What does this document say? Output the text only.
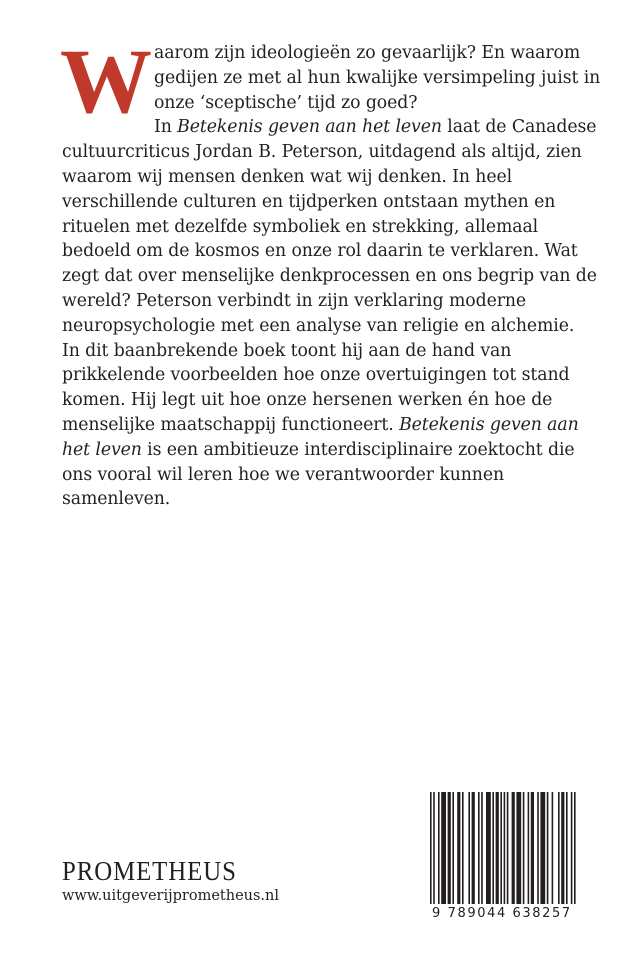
Waarom zijn ideologieën zo gevaarlijk? En waarom gedijen ze met al hun kwalijke versimpeling juist in onze ‘sceptische’ tijd zo goed?

In Betekenis geven aan het leven laat de Canadese cultuurcriticus Jordan B. Peterson, uitdagend als altijd, zien waarom wij mensen denken wat wij denken. In heel verschillende culturen en tijdperken ontstaan mythen en rituelen met dezelfde symboliek en strekking, allemaal bedoeld om de kosmos en onze rol daarin te verklaren. Wat zegt dat over menselijke denkprocessen en ons begrip van de wereld? Peterson verbindt in zijn verklaring moderne neuropsychologie met een analyse van religie en alchemie.

In dit baanbrekende boek toont hij aan de hand van prikkelende voorbeelden hoe onze overtuigingen tot stand komen. Hij legt uit hoe onze hersenen werken én hoe de menselijke maatschappij functioneert. Betekenis geven aan het leven is een ambitieuze interdisciplinaire zoektocht die ons vooral wil leren hoe we verantwoorder kunnen samenleven.

PROMETHEUS
www.uitgeverijprometheus.nl
9 789044 638257
